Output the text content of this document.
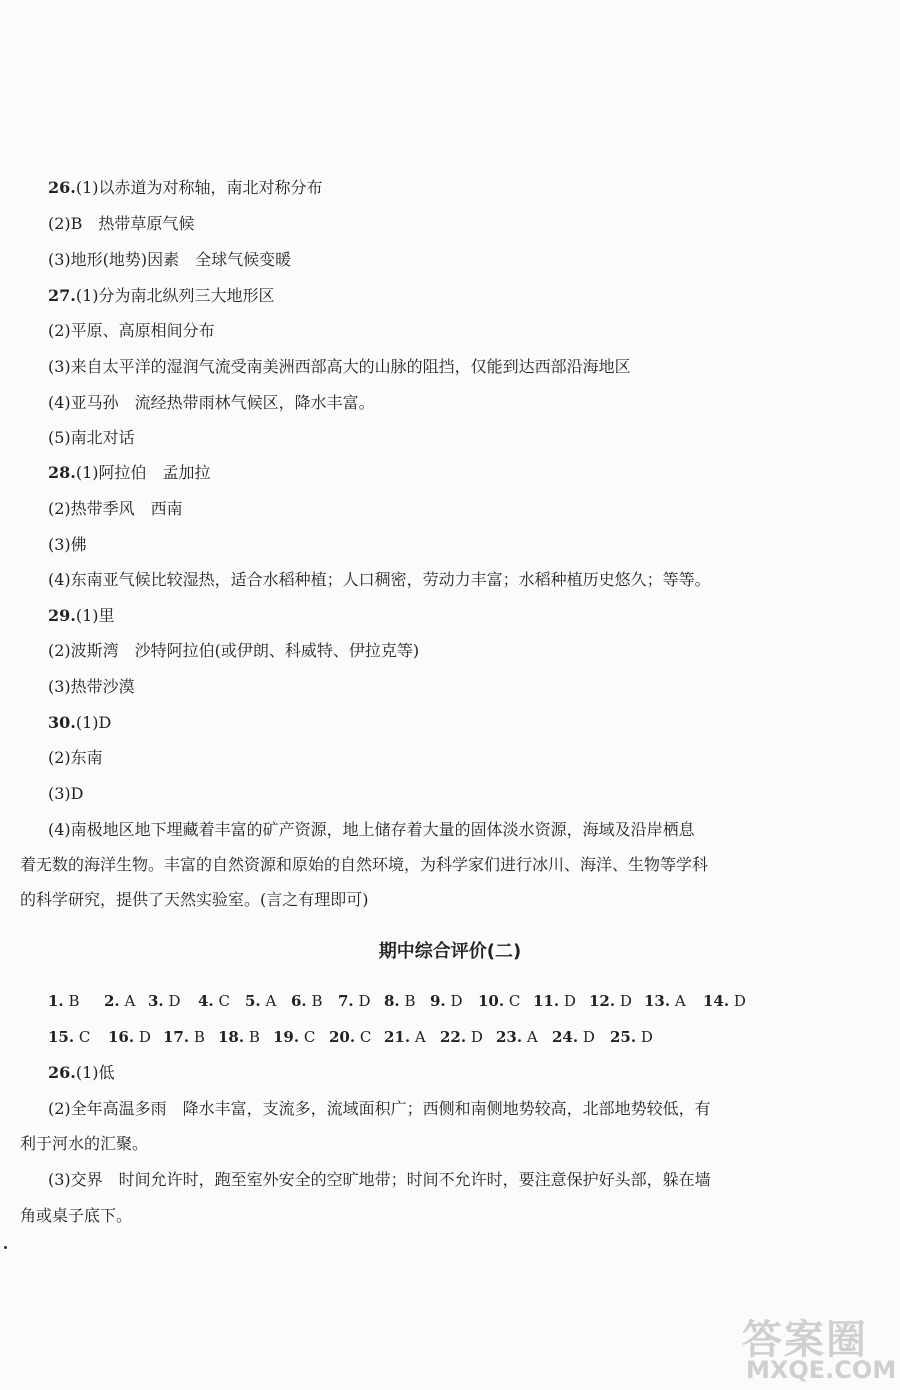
26.(1)以赤道为对称轴，南北对称分布
(2)B　热带草原气候
(3)地形(地势)因素　全球气候变暖
27.(1)分为南北纵列三大地形区
(2)平原、高原相间分布
(3)来自太平洋的湿润气流受南美洲西部高大的山脉的阻挡，仅能到达西部沿海地区
(4)亚马孙　流经热带雨林气候区，降水丰富。
(5)南北对话
28.(1)阿拉伯　孟加拉
(2)热带季风　西南
(3)佛
(4)东南亚气候比较湿热，适合水稻种植；人口稠密，劳动力丰富；水稻种植历史悠久；等等。
29.(1)里
(2)波斯湾　沙特阿拉伯(或伊朗、科威特、伊拉克等)
(3)热带沙漠
30.(1)D
(2)东南
(3)D
(4)南极地区地下埋藏着丰富的矿产资源，地上储存着大量的固体淡水资源，海域及沿岸栖息
着无数的海洋生物。丰富的自然资源和原始的自然环境，为科学家们进行冰川、海洋、生物等学科
的科学研究，提供了天然实验室。(言之有理即可)
期中综合评价(二)
1. B 2. A 3. D 4. C 5. A 6. B 7. D 8. B 9. D 10. C 11. D 12. D 13. A 14. D
15. C 16. D 17. B 18. B 19. C 20. C 21. A 22. D 23. A 24. D 25. D
26.(1)低
(2)全年高温多雨　降水丰富，支流多，流域面积广；西侧和南侧地势较高，北部地势较低，有
利于河水的汇聚。
(3)交界　时间允许时，跑至室外安全的空旷地带；时间不允许时，要注意保护好头部，躲在墙
角或桌子底下。
答案圈
MXQE.COM
